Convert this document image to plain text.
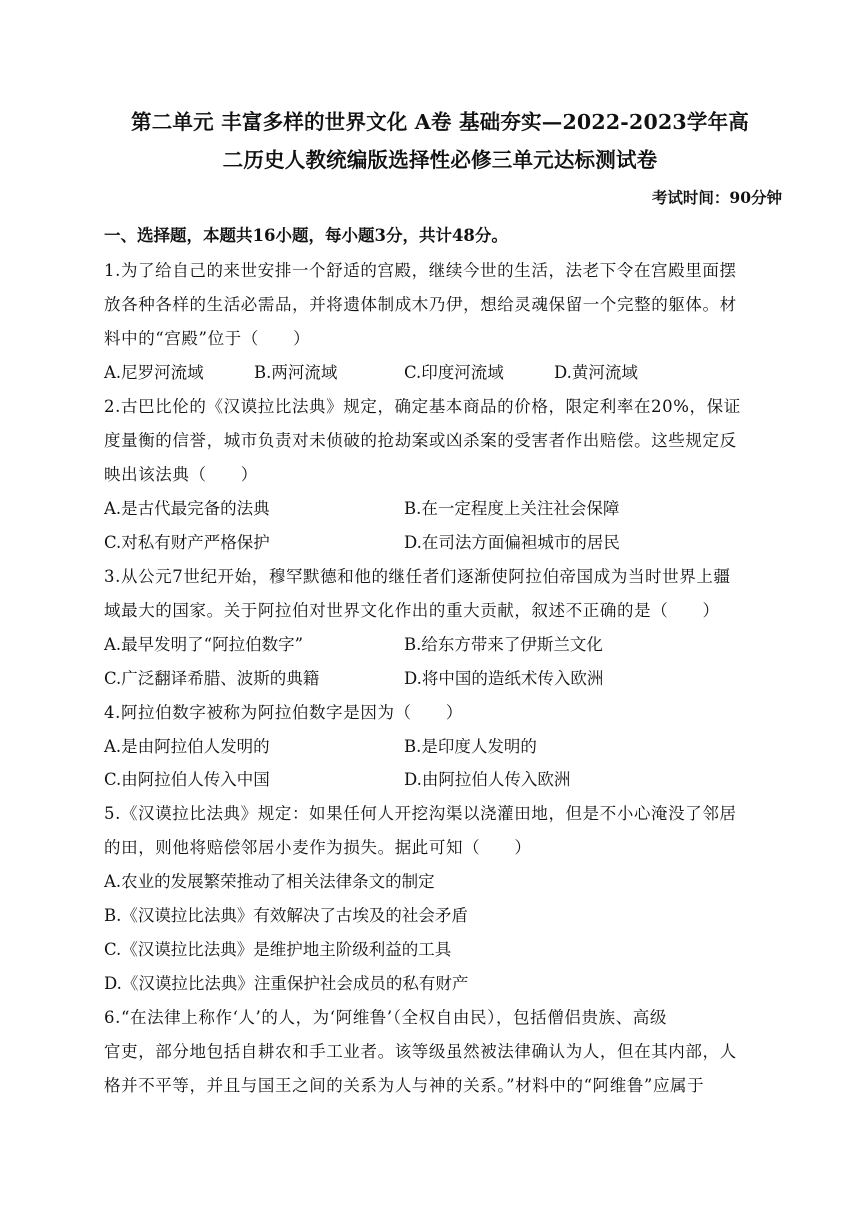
第二单元 丰富多样的世界文化 A卷 基础夯实—2022-2023学年高
二历史人教统编版选择性必修三单元达标测试卷
考试时间：90分钟
一、选择题，本题共16小题，每小题3分，共计48分。
1.为了给自己的来世安排一个舒适的宫殿，继续今世的生活，法老下令在宫殿里面摆
放各种各样的生活必需品，并将遗体制成木乃伊，想给灵魂保留一个完整的躯体。材
料中的“宫殿”位于（　　）
A.尼罗河流域	B.两河流域	C.印度河流域	D.黄河流域
2.古巴比伦的《汉谟拉比法典》规定，确定基本商品的价格，限定利率在20%，保证
度量衡的信誉，城市负责对未侦破的抢劫案或凶杀案的受害者作出赔偿。这些规定反
映出该法典（　　）
A.是古代最完备的法典	B.在一定程度上关注社会保障
C.对私有财产严格保护	D.在司法方面偏袒城市的居民
3.从公元7世纪开始，穆罕默德和他的继任者们逐渐使阿拉伯帝国成为当时世界上疆
域最大的国家。关于阿拉伯对世界文化作出的重大贡献，叙述不正确的是（　　）
A.最早发明了“阿拉伯数字”	B.给东方带来了伊斯兰文化
C.广泛翻译希腊、波斯的典籍	D.将中国的造纸术传入欧洲
4.阿拉伯数字被称为阿拉伯数字是因为（　　）
A.是由阿拉伯人发明的	B.是印度人发明的
C.由阿拉伯人传入中国	D.由阿拉伯人传入欧洲
5.《汉谟拉比法典》规定：如果任何人开挖沟渠以浇灌田地，但是不小心淹没了邻居
的田，则他将赔偿邻居小麦作为损失。据此可知（　　）
A.农业的发展繁荣推动了相关法律条文的制定
B.《汉谟拉比法典》有效解决了古埃及的社会矛盾
C.《汉谟拉比法典》是维护地主阶级利益的工具
D.《汉谟拉比法典》注重保护社会成员的私有财产
6.“在法律上称作‘人’的人，为‘阿维鲁’（全权自由民），包括僧侣贵族、高级
官吏，部分地包括自耕农和手工业者。该等级虽然被法律确认为人，但在其内部，人
格并不平等，并且与国王之间的关系为人与神的关系。”材料中的“阿维鲁”应属于
